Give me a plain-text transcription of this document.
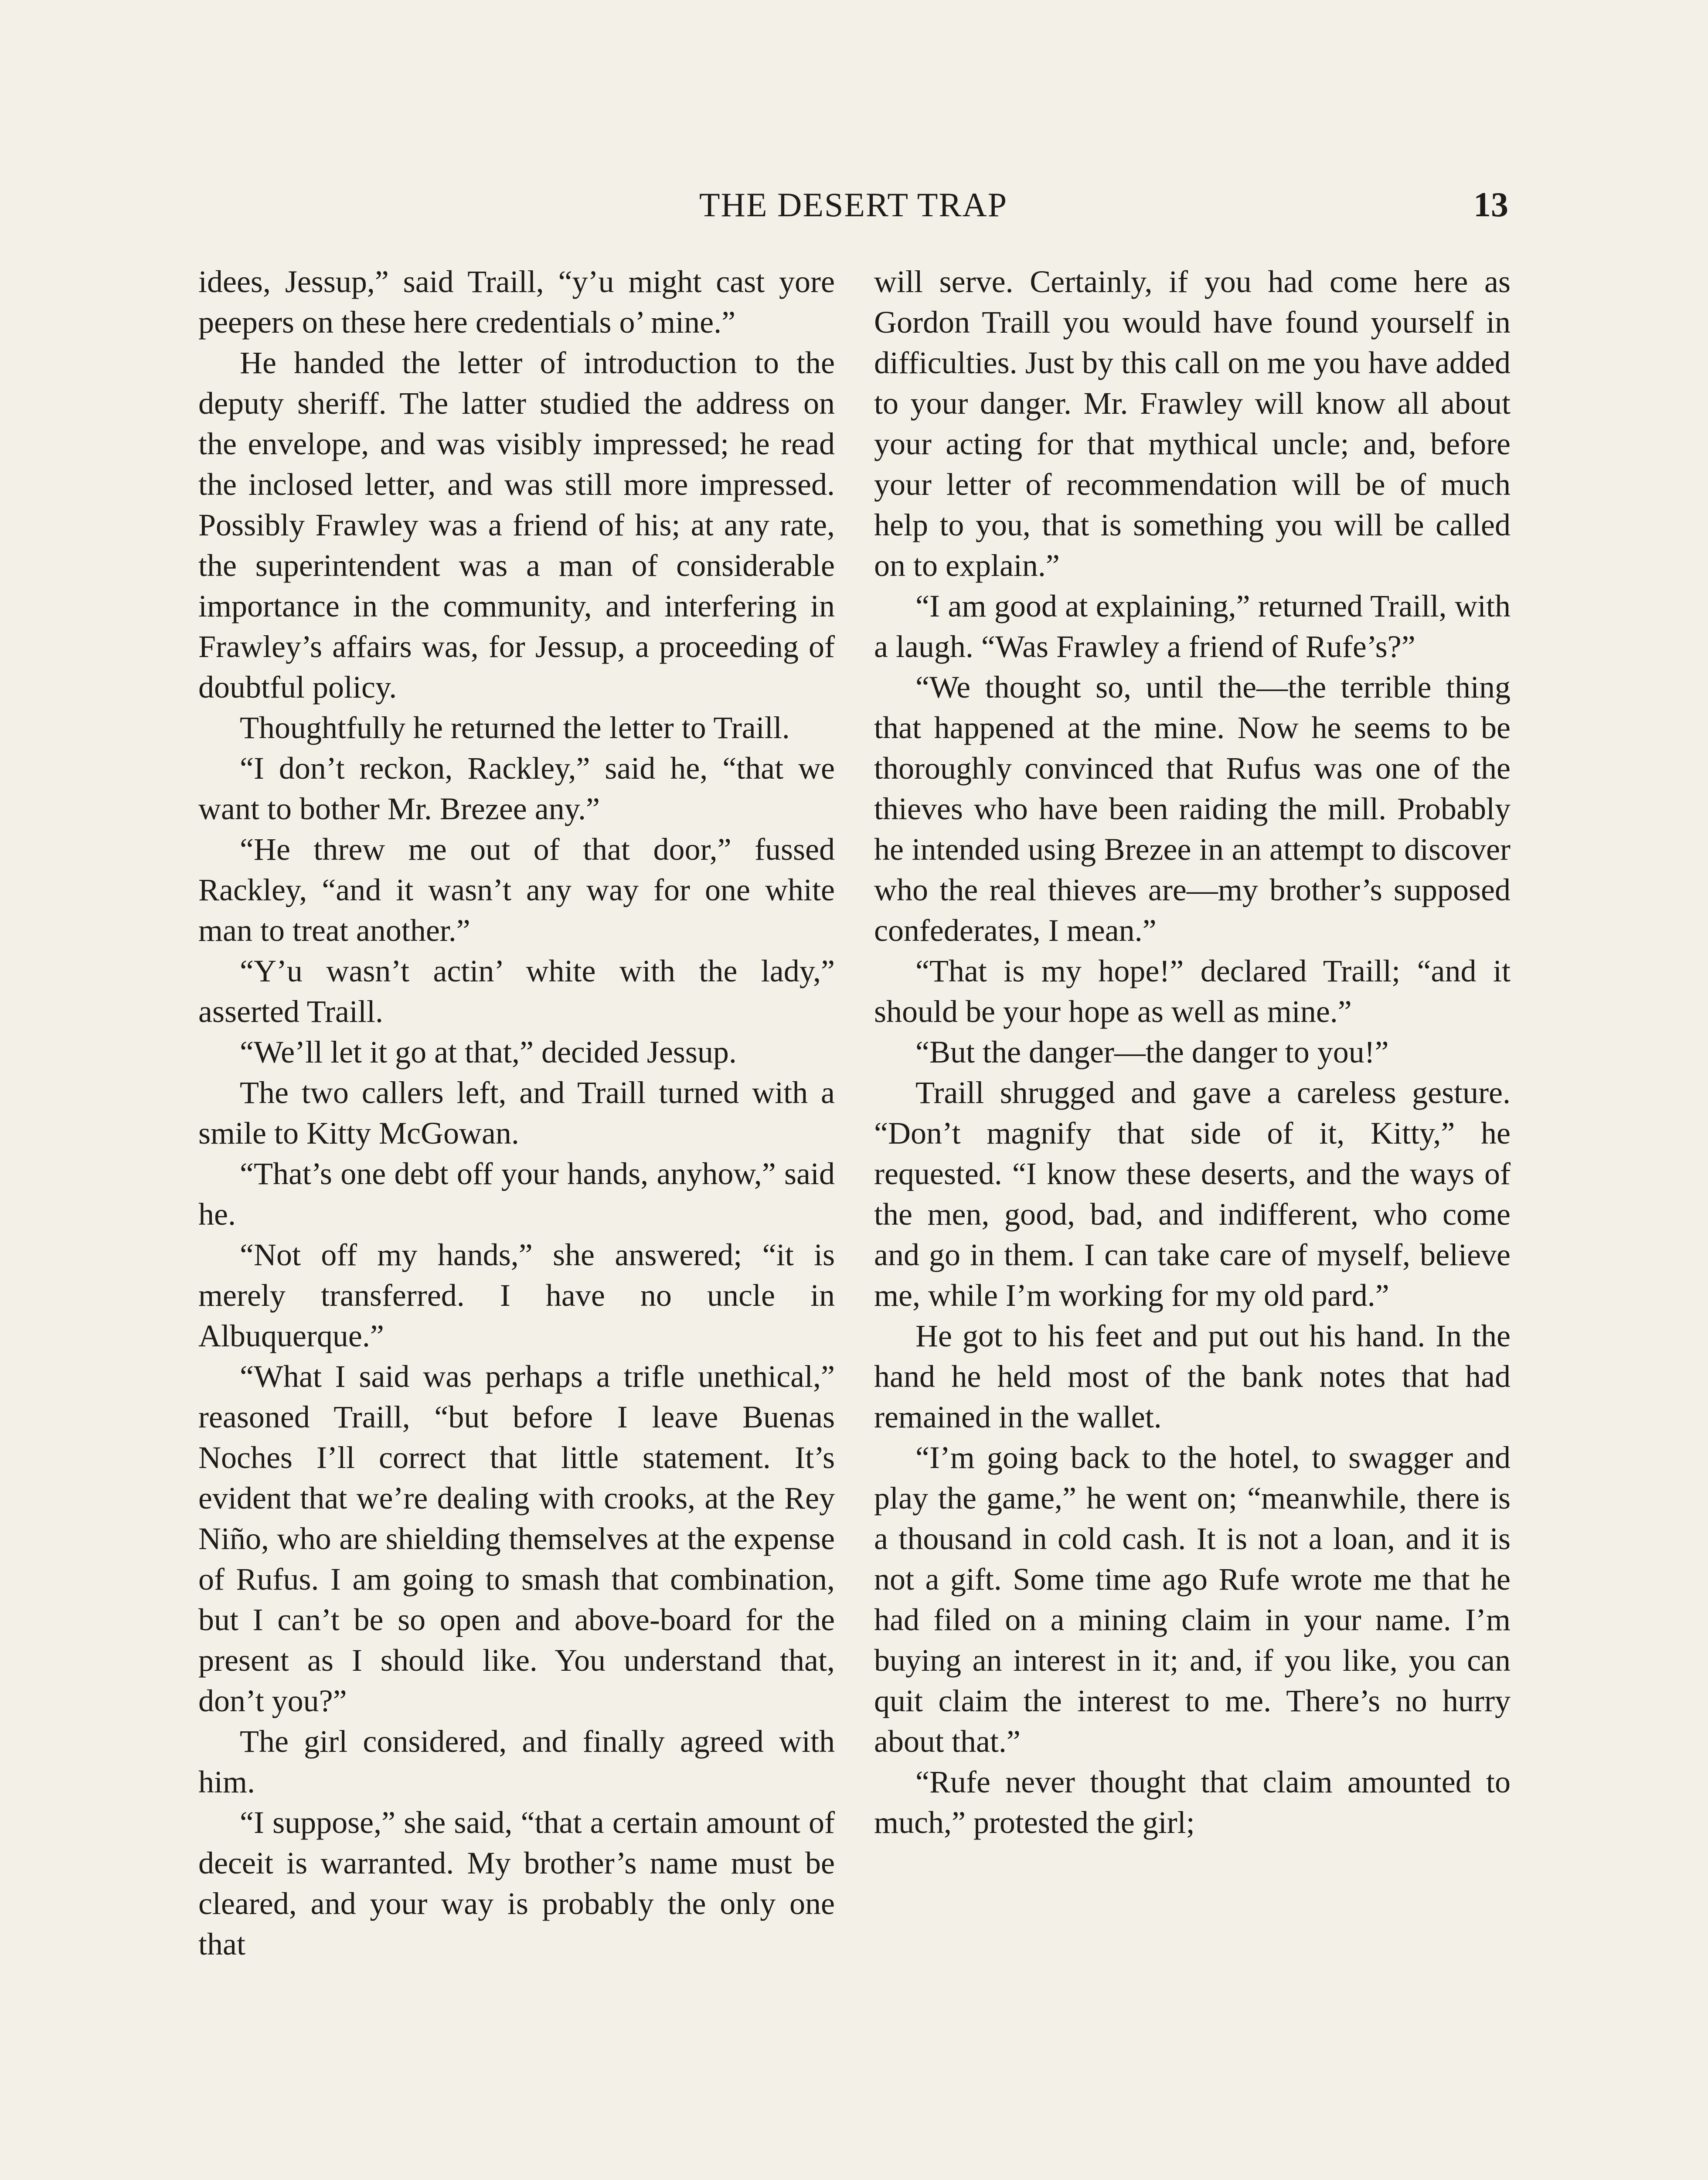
THE DESERT TRAP	13

idees, Jessup,” said Traill, “y’u might cast yore peepers on these here credentials o’ mine.”

He handed the letter of introduction to the deputy sheriff. The latter studied the address on the envelope, and was visibly impressed; he read the inclosed letter, and was still more impressed. Possibly Frawley was a friend of his; at any rate, the superintendent was a man of considerable importance in the community, and interfering in Frawley’s affairs was, for Jessup, a proceeding of doubtful policy.

Thoughtfully he returned the letter to Traill.

“I don’t reckon, Rackley,” said he, “that we want to bother Mr. Brezee any.”

“He threw me out of that door,” fussed Rackley, “and it wasn’t any way for one white man to treat another.”

“Y’u wasn’t actin’ white with the lady,” asserted Traill.

“We’ll let it go at that,” decided Jessup.

The two callers left, and Traill turned with a smile to Kitty McGowan.

“That’s one debt off your hands, anyhow,” said he.

“Not off my hands,” she answered; “it is merely transferred. I have no uncle in Albuquerque.”

“What I said was perhaps a trifle unethical,” reasoned Traill, “but before I leave Buenas Noches I’ll correct that little statement. It’s evident that we’re dealing with crooks, at the Rey Niño, who are shielding themselves at the expense of Rufus. I am going to smash that combination, but I can’t be so open and above-board for the present as I should like. You understand that, don’t you?”

The girl considered, and finally agreed with him.

“I suppose,” she said, “that a certain amount of deceit is warranted. My brother’s name must be cleared, and your way is probably the only one that

will serve. Certainly, if you had come here as Gordon Traill you would have found yourself in difficulties. Just by this call on me you have added to your danger. Mr. Frawley will know all about your acting for that mythical uncle; and, before your letter of recommendation will be of much help to you, that is something you will be called on to explain.”

“I am good at explaining,” returned Traill, with a laugh. “Was Frawley a friend of Rufe’s?”

“We thought so, until the—the terrible thing that happened at the mine. Now he seems to be thoroughly convinced that Rufus was one of the thieves who have been raiding the mill. Probably he intended using Brezee in an attempt to discover who the real thieves are—my brother’s supposed confederates, I mean.”

“That is my hope!” declared Traill; “and it should be your hope as well as mine.”

“But the danger—the danger to you!”

Traill shrugged and gave a careless gesture. “Don’t magnify that side of it, Kitty,” he requested. “I know these deserts, and the ways of the men, good, bad, and indifferent, who come and go in them. I can take care of myself, believe me, while I’m working for my old pard.”

He got to his feet and put out his hand. In the hand he held most of the bank notes that had remained in the wallet.

“I’m going back to the hotel, to swagger and play the game,” he went on; “meanwhile, there is a thousand in cold cash. It is not a loan, and it is not a gift. Some time ago Rufe wrote me that he had filed on a mining claim in your name. I’m buying an interest in it; and, if you like, you can quit claim the interest to me. There’s no hurry about that.”

“Rufe never thought that claim amounted to much,” protested the girl;
